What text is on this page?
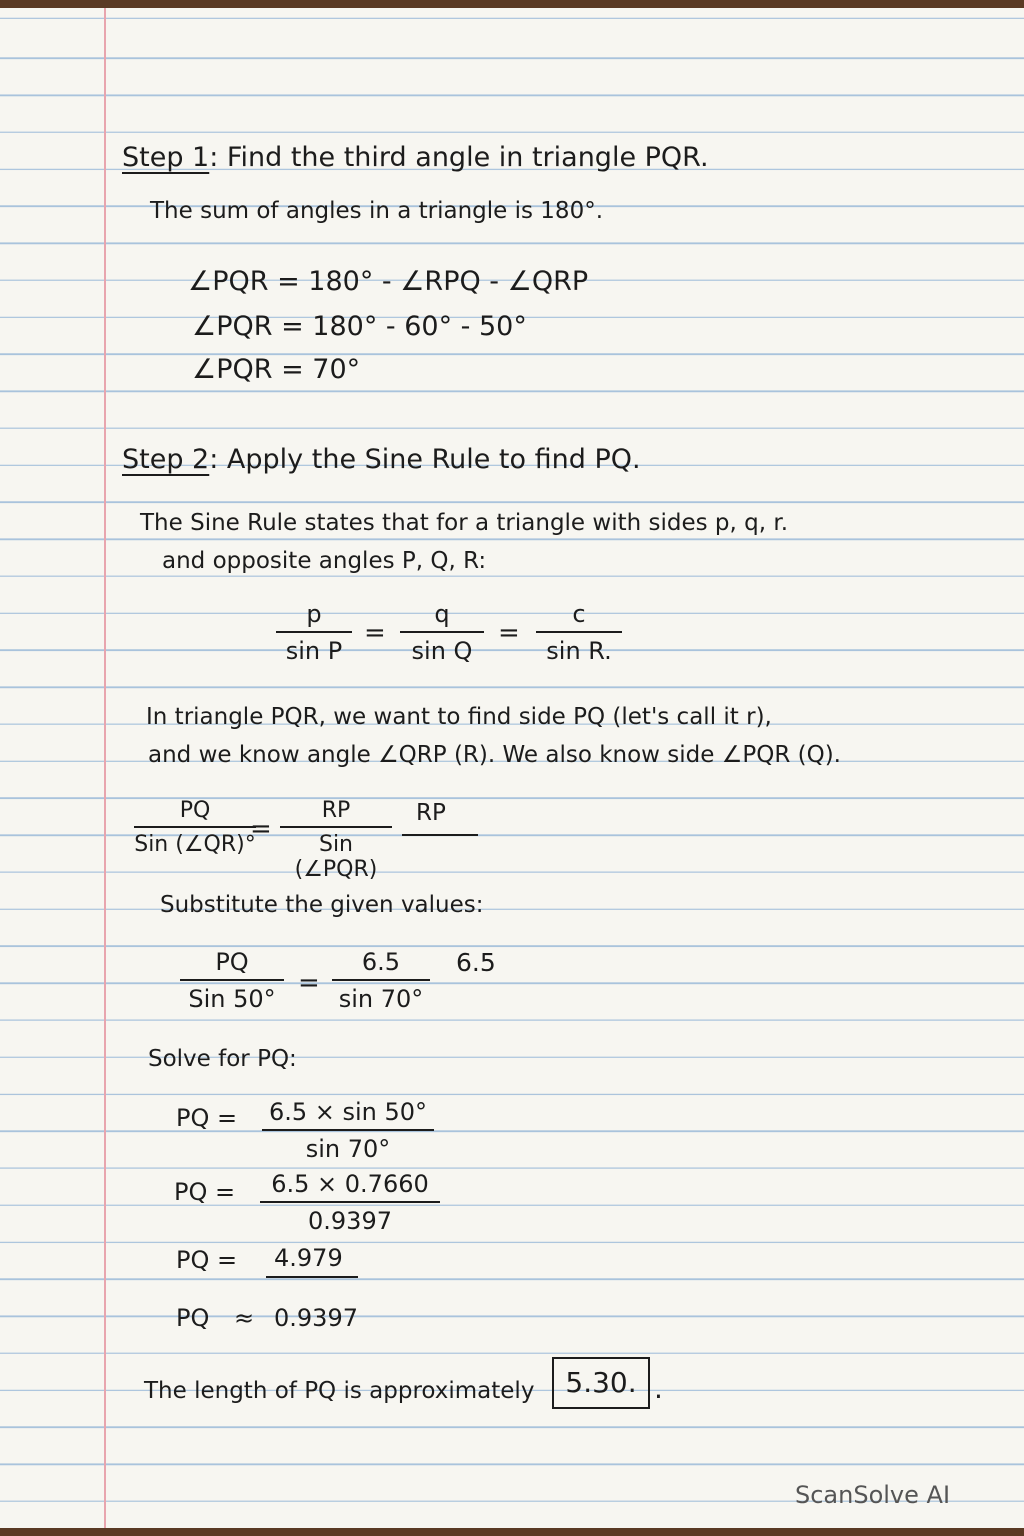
Step 1: Find the third angle in triangle PQR.
The sum of angles in a triangle is 180°.
∠PQR = 180° - ∠RPQ - ∠QRP
∠PQR = 180° - 60° - 50°
∠PQR = 70°
Step 2: Apply the Sine Rule to find PQ.
The Sine Rule states that for a triangle with sides p, q, r.
and opposite angles P, Q, R:
p
sin P
=
q
sin Q
=
c
sin R.
In triangle PQR, we want to find side PQ (let's call it r),
and we know angle ∠QRP (R). We also know side ∠PQR (Q).
PQ
Sin (∠QR)°
=
RP
Sin (∠PQR)
RP
Substitute the given values:
PQ
Sin 50°
=
6.5
sin 70°
6.5
Solve for PQ:
PQ = 6.5 × sin 50°
sin 70°
PQ =	6.5 × 0.7660
0.9397
PQ = 4.979
PQ ≈ 0.9397
The length of PQ is approximately	5.30. .
ScanSolve AI
